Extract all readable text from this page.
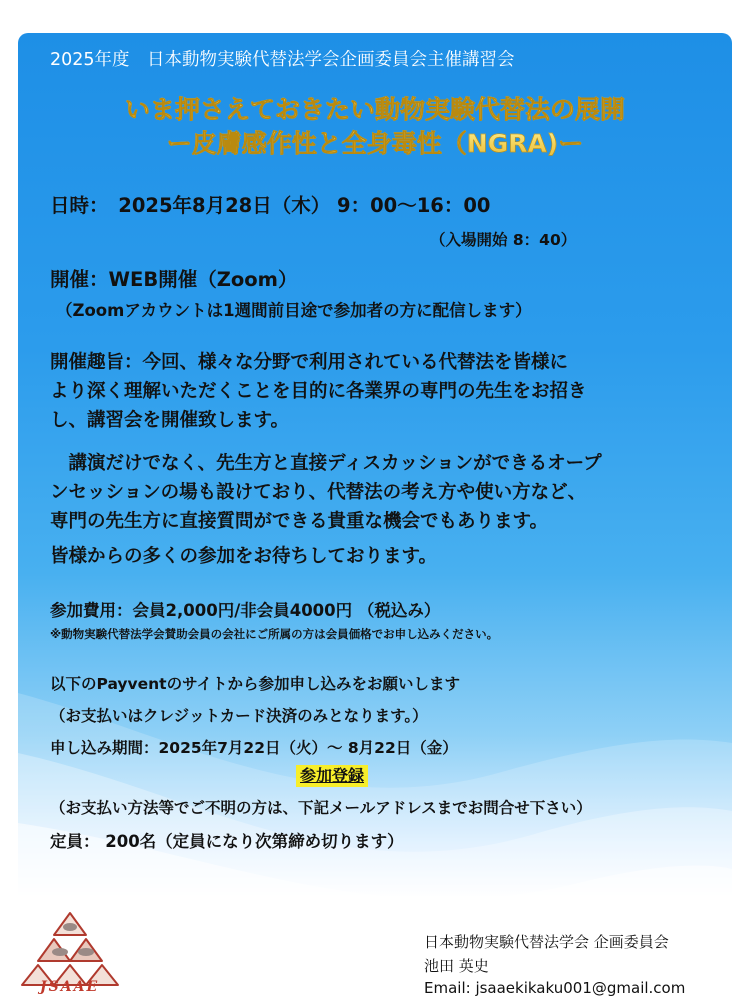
2025年度　日本動物実験代替法学会企画委員会主催講習会
いま押さえておきたい動物実験代替法の展開
ー皮膚感作性と全身毒性（NGRA)ー
日時：　2025年8月28日（木） 9：00～16：00
（入場開始 8：40）
開催：WEB開催（Zoom）
（Zoomアカウントは1週間前目途で参加者の方に配信します）
開催趣旨：今回、様々な分野で利用されている代替法を皆様に
より深く理解いただくことを目的に各業界の専門の先生をお招き
し、講習会を開催致します。
　講演だけでなく、先生方と直接ディスカッションができるオープ
ンセッションの場も設けており、代替法の考え方や使い方など、
専門の先生方に直接質問ができる貴重な機会でもあります。
皆様からの多くの参加をお待ちしております。
参加費用：会員2,000円/非会員4000円 （税込み）
※動物実験代替法学会賛助会員の会社にご所属の方は会員価格でお申し込みください。
以下のPayventのサイトから参加申し込みをお願いします
（お支払いはクレジットカード決済のみとなります。）
申し込み期間：2025年7月22日（火）～ 8月22日（金）
参加登録
（お支払い方法等でご不明の方は、下記メールアドレスまでお問合せ下さい）
定員： 200名（定員になり次第締め切ります）
JSAAE
日本動物実験代替法学会 企画委員会
池田 英史
Email: jsaaekikaku001@gmail.com
